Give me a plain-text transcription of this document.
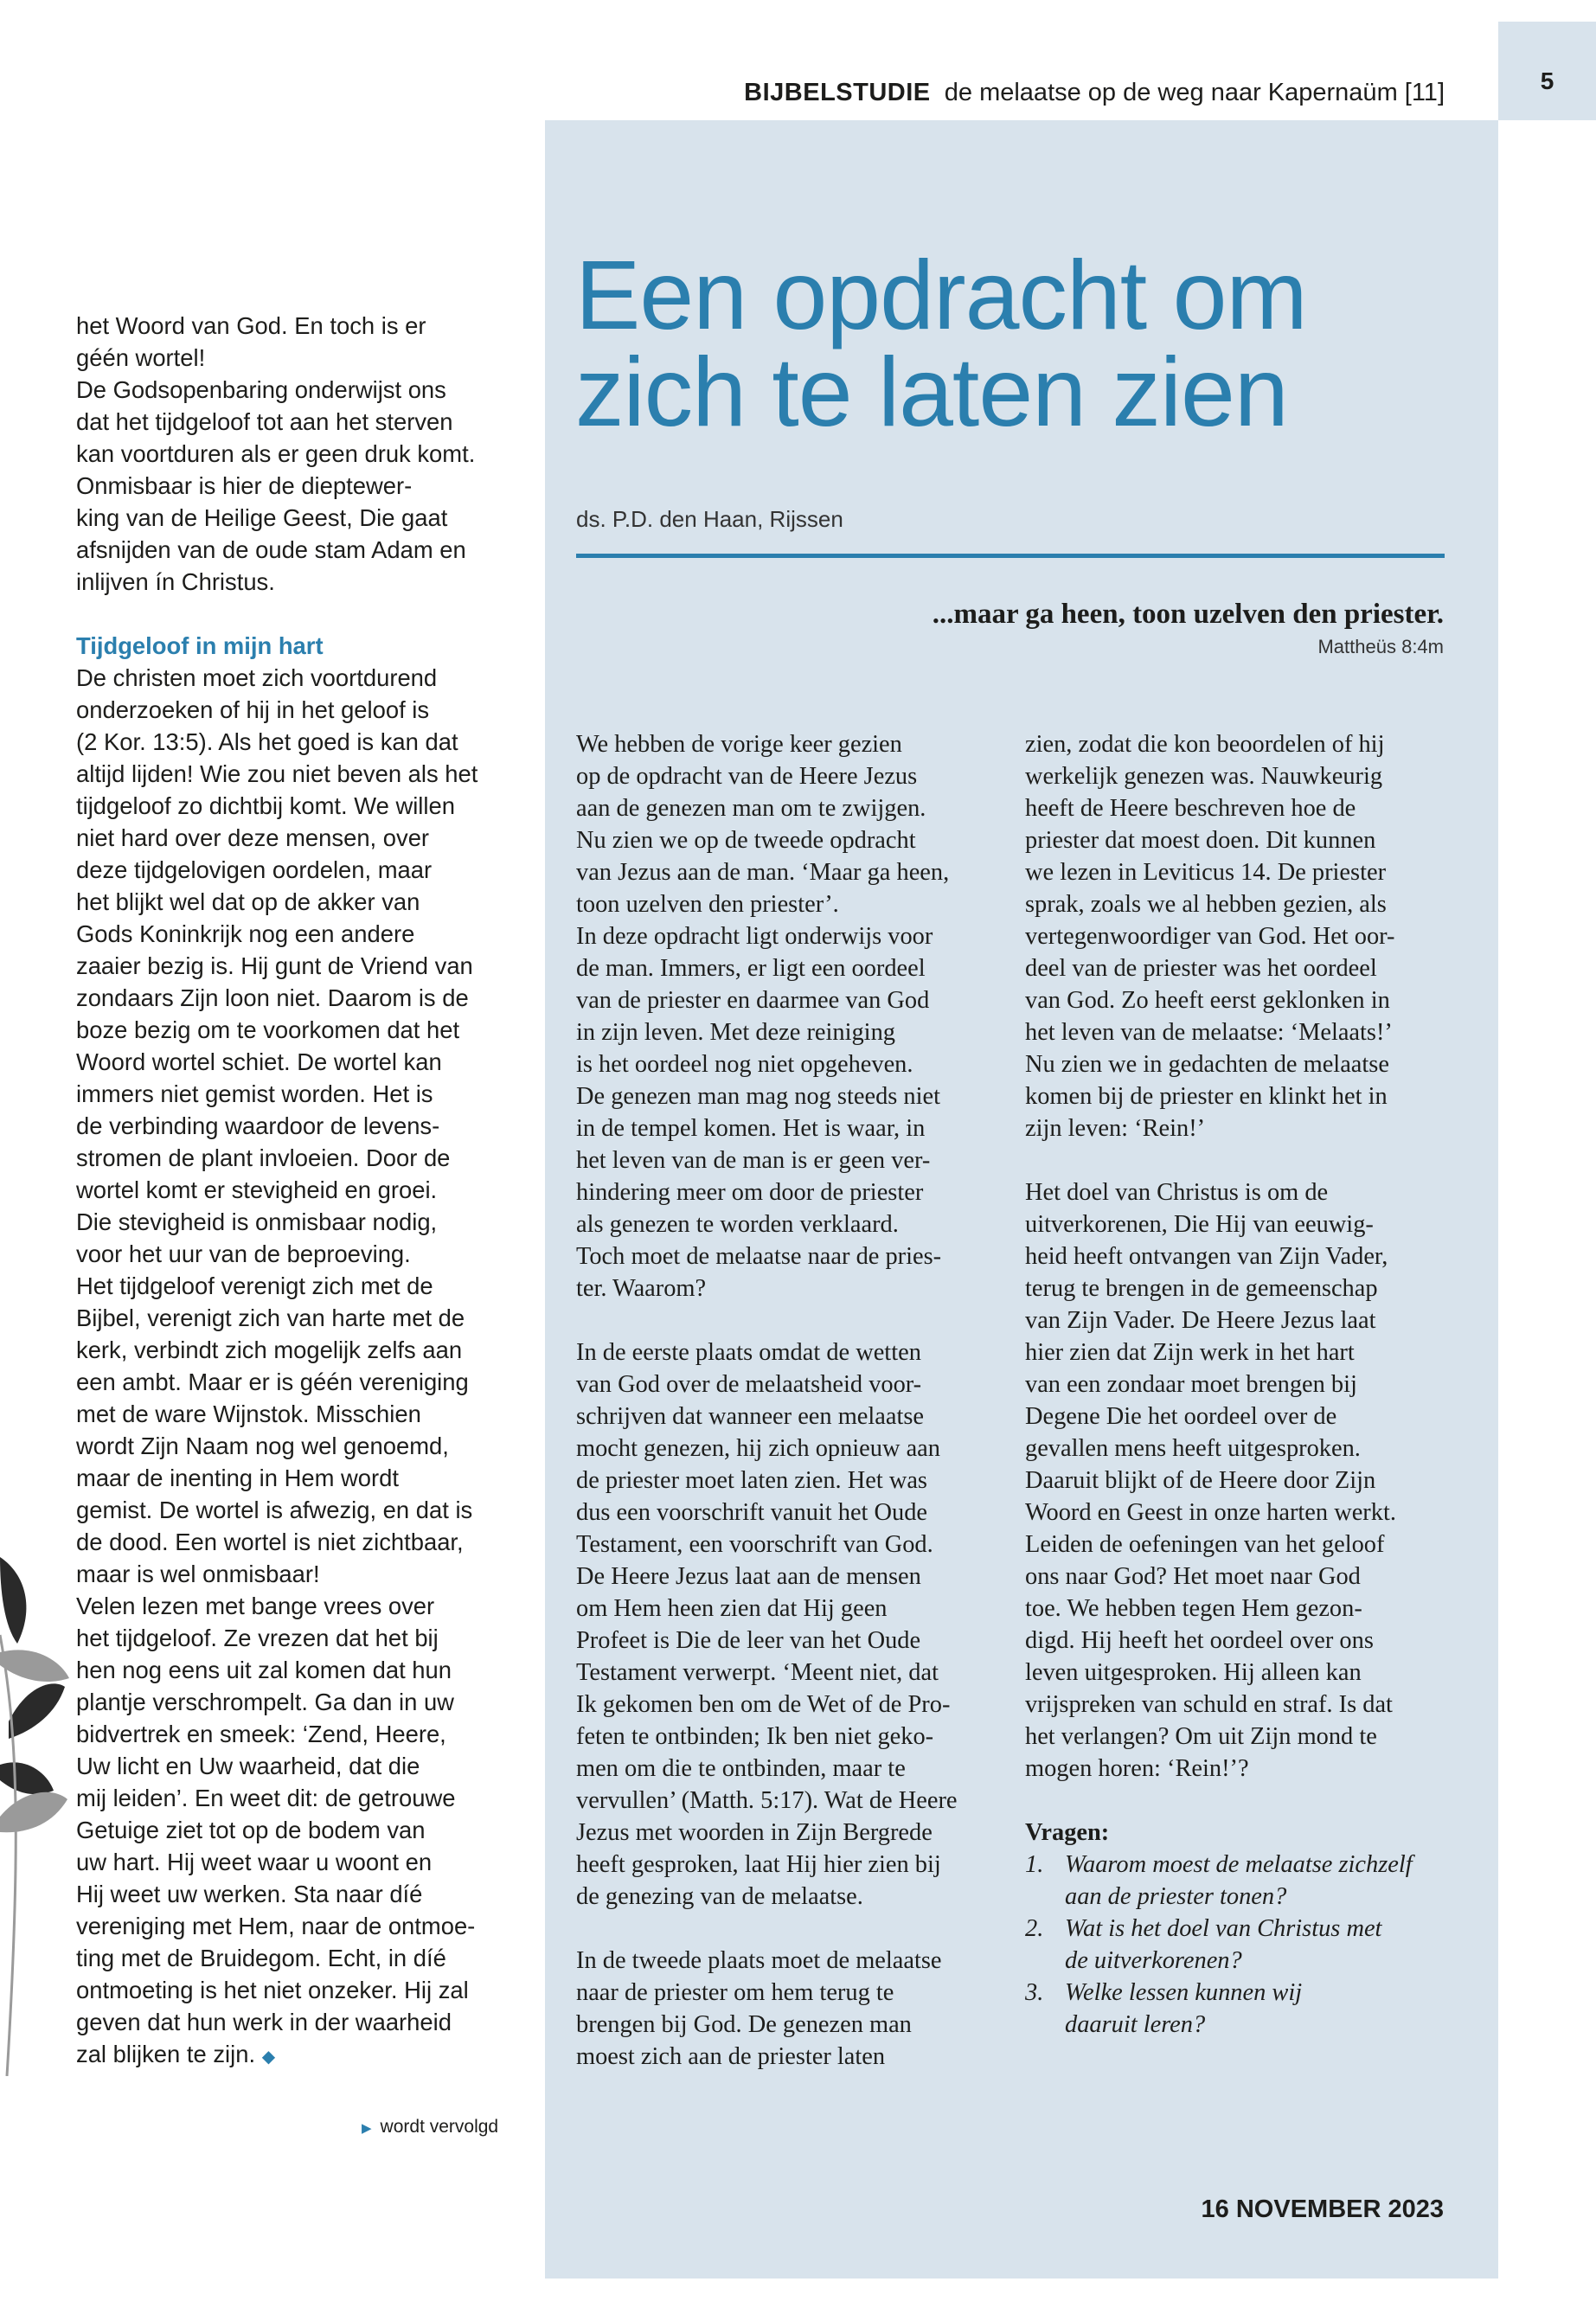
5
BIJBELSTUDIE de melaatse op de weg naar Kapernaüm [11]

het Woord van God. En toch is er
géén wortel!
De Godsopenbaring onderwijst ons
dat het tijdgeloof tot aan het sterven
kan voortduren als er geen druk komt.
Onmisbaar is hier de dieptewer-
king van de Heilige Geest, Die gaat
afsnijden van de oude stam Adam en
inlijven ín Christus.

Tijdgeloof in mijn hart

De christen moet zich voortdurend
onderzoeken of hij in het geloof is
(2 Kor. 13:5). Als het goed is kan dat
altijd lijden! Wie zou niet beven als het
tijdgeloof zo dichtbij komt. We willen
niet hard over deze mensen, over
deze tijdgelovigen oordelen, maar
het blijkt wel dat op de akker van
Gods Koninkrijk nog een andere
zaaier bezig is. Hij gunt de Vriend van
zondaars Zijn loon niet. Daarom is de
boze bezig om te voorkomen dat het
Woord wortel schiet. De wortel kan
immers niet gemist worden. Het is
de verbinding waardoor de levens-
stromen de plant invloeien. Door de
wortel komt er stevigheid en groei.
Die stevigheid is onmisbaar nodig,
voor het uur van de beproeving.
Het tijdgeloof verenigt zich met de
Bijbel, verenigt zich van harte met de
kerk, verbindt zich mogelijk zelfs aan
een ambt. Maar er is géén vereniging
met de ware Wijnstok. Misschien
wordt Zijn Naam nog wel genoemd,
maar de inenting in Hem wordt
gemist. De wortel is afwezig, en dat is
de dood. Een wortel is niet zichtbaar,
maar is wel onmisbaar!
Velen lezen met bange vrees over
het tijdgeloof. Ze vrezen dat het bij
hen nog eens uit zal komen dat hun
plantje verschrompelt. Ga dan in uw
bidvertrek en smeek: ‘Zend, Heere,
Uw licht en Uw waarheid, dat die
mij leiden’. En weet dit: de getrouwe
Getuige ziet tot op de bodem van
uw hart. Hij weet waar u woont en
Hij weet uw werken. Sta naar díé
vereniging met Hem, naar de ontmoe-
ting met de Bruidegom. Echt, in díé
ontmoeting is het niet onzeker. Hij zal
geven dat hun werk in der waarheid
zal blijken te zijn. ◆

▶ wordt vervolgd
Een opdracht om
zich te laten zien
ds. P.D. den Haan, Rijssen
...maar ga heen, toon uzelven den priester.
Mattheüs 8:4m

We hebben de vorige keer gezien
op de opdracht van de Heere Jezus
aan de genezen man om te zwijgen.
Nu zien we op de tweede opdracht
van Jezus aan de man. ‘Maar ga heen,
toon uzelven den priester’.
In deze opdracht ligt onderwijs voor
de man. Immers, er ligt een oordeel
van de priester en daarmee van God
in zijn leven. Met deze reiniging
is het oordeel nog niet opgeheven.
De genezen man mag nog steeds niet
in de tempel komen. Het is waar, in
het leven van de man is er geen ver-
hindering meer om door de priester
als genezen te worden verklaard.
Toch moet de melaatse naar de pries-
ter. Waarom?

In de eerste plaats omdat de wetten
van God over de melaatsheid voor-
schrijven dat wanneer een melaatse
mocht genezen, hij zich opnieuw aan
de priester moet laten zien. Het was
dus een voorschrift vanuit het Oude
Testament, een voorschrift van God.
De Heere Jezus laat aan de mensen
om Hem heen zien dat Hij geen
Profeet is Die de leer van het Oude
Testament verwerpt. ‘Meent niet, dat
Ik gekomen ben om de Wet of de Pro-
feten te ontbinden; Ik ben niet geko-
men om die te ontbinden, maar te
vervullen’ (Matth. 5:17). Wat de Heere
Jezus met woorden in Zijn Bergrede
heeft gesproken, laat Hij hier zien bij
de genezing van de melaatse.

In de tweede plaats moet de melaatse
naar de priester om hem terug te
brengen bij God. De genezen man
moest zich aan de priester laten

zien, zodat die kon beoordelen of hij
werkelijk genezen was. Nauwkeurig
heeft de Heere beschreven hoe de
priester dat moest doen. Dit kunnen
we lezen in Leviticus 14. De priester
sprak, zoals we al hebben gezien, als
vertegenwoordiger van God. Het oor-
deel van de priester was het oordeel
van God. Zo heeft eerst geklonken in
het leven van de melaatse: ‘Melaats!’
Nu zien we in gedachten de melaatse
komen bij de priester en klinkt het in
zijn leven: ‘Rein!’

Het doel van Christus is om de
uitverkorenen, Die Hij van eeuwig-
heid heeft ontvangen van Zijn Vader,
terug te brengen in de gemeenschap
van Zijn Vader. De Heere Jezus laat
hier zien dat Zijn werk in het hart
van een zondaar moet brengen bij
Degene Die het oordeel over de
gevallen mens heeft uitgesproken.
Daaruit blijkt of de Heere door Zijn
Woord en Geest in onze harten werkt.
Leiden de oefeningen van het geloof
ons naar God? Het moet naar God
toe. We hebben tegen Hem gezon-
digd. Hij heeft het oordeel over ons
leven uitgesproken. Hij alleen kan
vrijspreken van schuld en straf. Is dat
het verlangen? Om uit Zijn mond te
mogen horen: ‘Rein!’?

Vragen:

1. Waarom moest de melaatse zichzelf
aan de priester tonen?
2. Wat is het doel van Christus met
de uitverkorenen?
3. Welke lessen kunnen wij
daaruit leren?
16 NOVEMBER 2023
